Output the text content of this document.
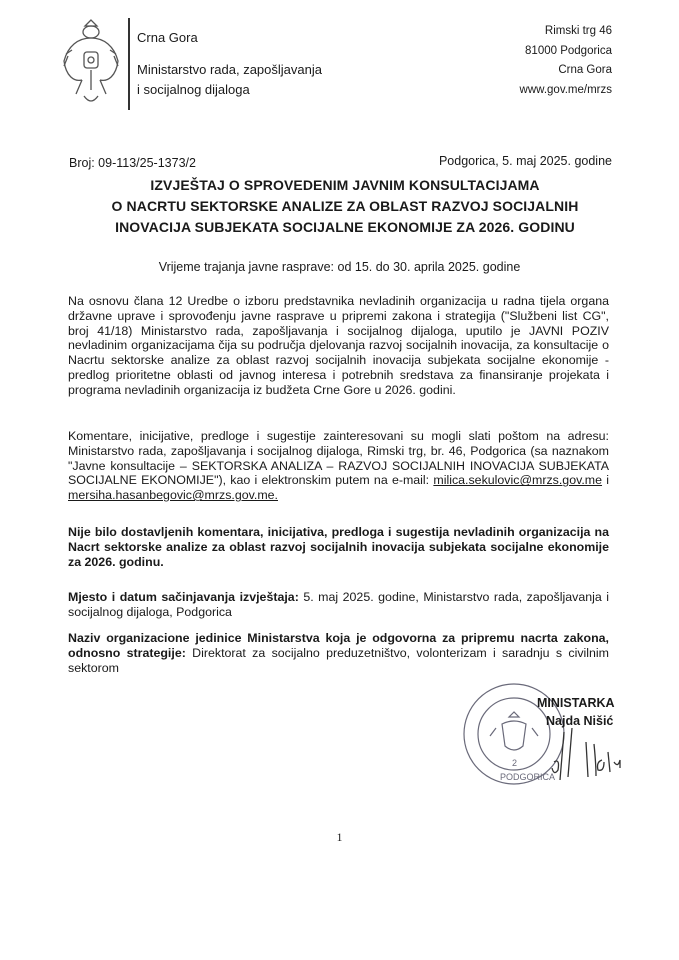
Crna Gora
Ministarstvo rada, zapošljavanja
i socijalnog dijaloga
Rimski trg 46
81000 Podgorica
Crna Gora
www.gov.me/mrzs
Broj: 09-113/25-1373/2	Podgorica, 5. maj 2025. godine
IZVJEŠTAJ O SPROVEDENIM JAVNIM KONSULTACIJAMA
O NACRTU SEKTORSKE ANALIZE ZA OBLAST RAZVOJ SOCIJALNIH
INOVACIJA SUBJEKATA SOCIJALNE EKONOMIJE ZA 2026. GODINU
Vrijeme trajanja javne rasprave: od 15. do 30. aprila 2025. godine
Na osnovu člana 12 Uredbe o izboru predstavnika nevladinih organizacija u radna tijela organa državne uprave i sprovođenju javne rasprave u pripremi zakona i strategija ("Službeni list CG", broj 41/18) Ministarstvo rada, zapošljavanja i socijalnog dijaloga, uputilo je JAVNI POZIV nevladinim organizacijama čija su područja djelovanja razvoj socijalnih inovacija, za konsultacije o Nacrtu sektorske analize za oblast razvoj socijalnih inovacija subjekata socijalne ekonomije - predlog prioritetne oblasti od javnog interesa i potrebnih sredstava za finansiranje projekata i programa nevladinih organizacija iz budžeta Crne Gore u 2026. godini.
Komentare, inicijative, predloge i sugestije zainteresovani su mogli slati poštom na adresu: Ministarstvo rada, zapošljavanja i socijalnog dijaloga, Rimski trg, br. 46, Podgorica (sa naznakom "Javne konsultacije – SEKTORSKA ANALIZA – RAZVOJ SOCIJALNIH INOVACIJA SUBJEKATA SOCIJALNE EKONOMIJE"), kao i elektronskim putem na e-mail: milica.sekulovic@mrzs.gov.me i mersiha.hasanbegovic@mrzs.gov.me.
Nije bilo dostavljenih komentara, inicijativa, predloga i sugestija nevladinih organizacija na Nacrt sektorske analize za oblast razvoj socijalnih inovacija subjekata socijalne ekonomije za 2026. godinu.
Mjesto i datum sačinjavanja izvještaja: 5. maj 2025. godine, Ministarstvo rada, zapošljavanja i socijalnog dijaloga, Podgorica
Naziv organizacione jedinice Ministarstva koja je odgovorna za pripremu nacrta zakona, odnosno strategije: Direktorat za socijalno preduzetništvo, volonterizam i saradnju s civilnim sektorom
PODGORICA
2
MINISTARKA
Najda Nišić
1
